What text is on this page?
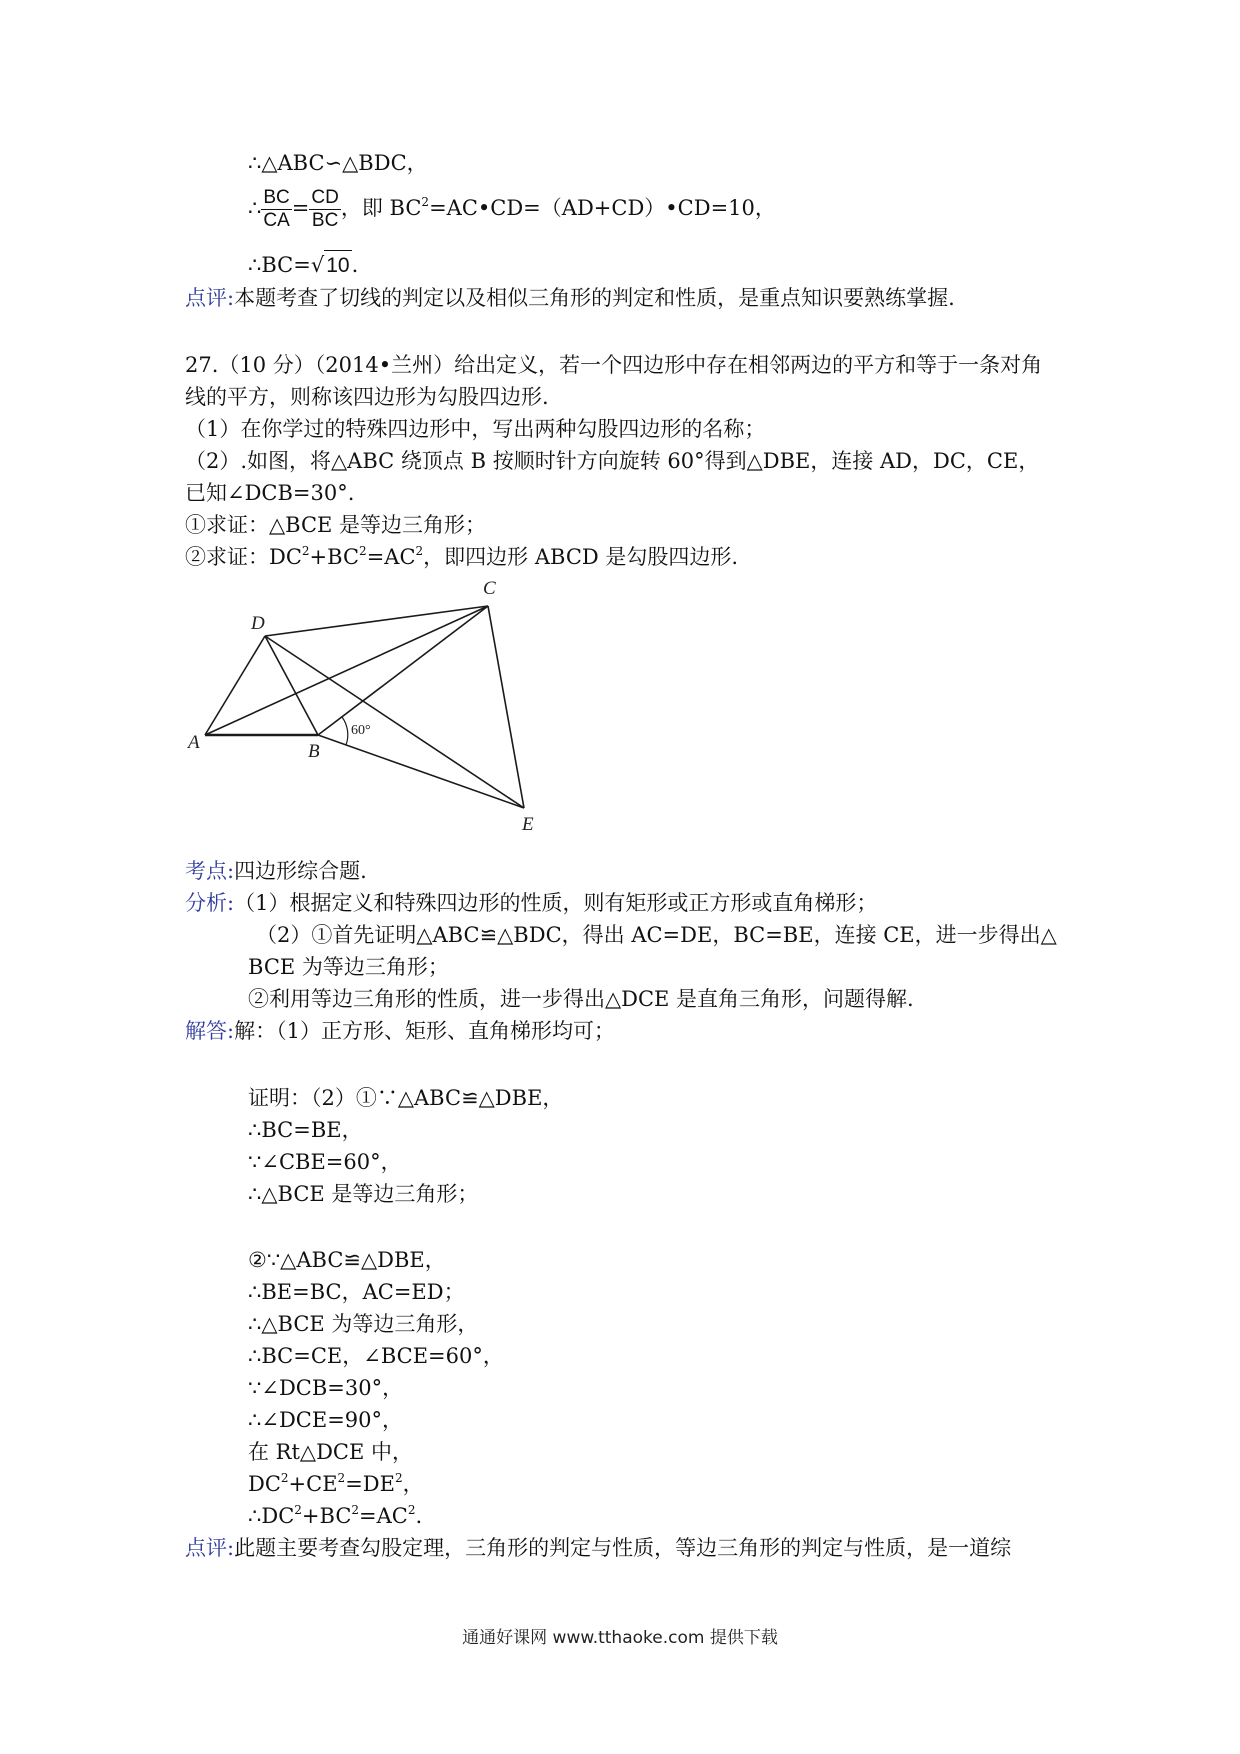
∴△ABC∽△BDC，
∴ $\frac{BC}{CA} = \frac{CD}{BC}$ ，即 $BC^2=AC•CD=(AD+CD)•CD=10$，
∴BC=√10.
点评:本题考查了切线的判定以及相似三角形的判定和性质，是重点知识要熟练掌握.
27.（10 分）（2014•兰州）给出定义，若一个四边形中存在相邻两边的平方和等于一条对角
线的平方，则称该四边形为勾股四边形.
（1）在你学过的特殊四边形中，写出两种勾股四边形的名称；
（2）.如图，将△ABC 绕顶点 B 按顺时针方向旋转 60°得到△DBE，连接 AD，DC，CE，
已知∠DCB=30°.
①求证：△BCE 是等边三角形；
②求证：$DC^2+BC^2=AC^2$，即四边形 ABCD 是勾股四边形.
A	B
C
D
E
60°
考点:四边形综合题.
分析:（1）根据定义和特殊四边形的性质，则有矩形或正方形或直角梯形；
（2）①首先证明△ABC≌△BDC，得出 AC=DE，BC=BE，连接 CE，进一步得出△
BCE 为等边三角形；
②利用等边三角形的性质，进一步得出△DCE 是直角三角形，问题得解.
解答:解：（1）正方形、矩形、直角梯形均可；
证明：（2）①∵△ABC≌△DBE，
∴BC=BE，
∵∠CBE=60°，
∴△BCE 是等边三角形；
②∵△ABC≌△DBE，
∴BE=BC，AC=ED；
∴△BCE 为等边三角形，
∴BC=CE，∠BCE=60°，
∵∠DCB=30°，
∴∠DCE=90°，
在 Rt△DCE 中，
$DC^2+CE^2=DE^2$，
$\therefore DC^2+BC^2=AC^2$.
点评:此题主要考查勾股定理，三角形的判定与性质，等边三角形的判定与性质，是一道综
通通好课网 www.tthaoke.com 提供下载
